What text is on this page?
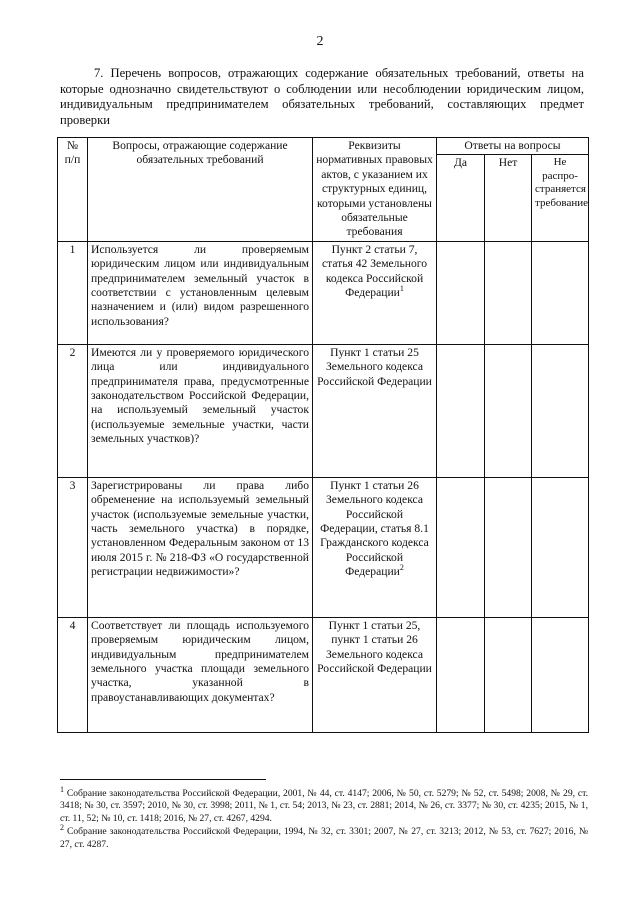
2

7. Перечень вопросов, отражающих содержание обязательных требований, ответы на которые однозначно свидетельствуют о соблюдении или несоблюдении юридическим лицом, индивидуальным предпринимателем обязательных требований, составляющих предмет проверки

№ п/п	Вопросы, отражающие содержание обязательных требований	Реквизиты нормативных правовых актов, с указанием их структурных единиц, которыми установлены обязательные требования	Ответы на вопросы		
			Да	Нет	Не распро-страняется требование
1	Используется ли проверяемым юридическим лицом или индивидуальным предпринимателем земельный участок в соответствии с установленным целевым назначением и (или) видом разрешенного использования?	Пункт 2 статьи 7, статья 42 Земельного кодекса Российской Федерации$^1$			
2	Имеются ли у проверяемого юридического лица или индивидуального предпринимателя права, предусмотренные законодательством Российской Федерации, на используемый земельный участок (используемые земельные участки, части земельных участков)?	Пункт 1 статьи 25 Земельного кодекса Российской Федерации			
3	Зарегистрированы ли права либо обременение на используемый земельный участок (используемые земельные участки, часть земельного участка) в порядке, установленном Федеральным законом от 13 июля 2015 г. № 218-ФЗ «О государственной регистрации недвижимости»?	Пункт 1 статьи 26 Земельного кодекса Российской Федерации, статья 8.1 Гражданского кодекса Российской Федерации$^2$			
4	Соответствует ли площадь используемого проверяемым юридическим лицом, индивидуальным предпринимателем земельного участка площади земельного участка, указанной в правоустанавливающих документах?	Пункт 1 статьи 25, пункт 1 статьи 26 Земельного кодекса Российской Федерации			

$^1$ Собрание законодательства Российской Федерации, 2001, № 44, ст. 4147; 2006, № 50, ст. 5279; № 52, ст. 5498; 2008, № 29, ст. 3418; № 30, ст. 3597; 2010, № 30, ст. 3998; 2011, № 1, ст. 54; 2013, № 23, ст. 2881; 2014, № 26, ст. 3377; № 30, ст. 4235; 2015, № 1, ст. 11, 52; № 10, ст. 1418; 2016, № 27, ст. 4267, 4294.

$^2$ Собрание законодательства Российской Федерации, 1994, № 32, ст. 3301; 2007, № 27, ст. 3213; 2012, № 53, ст. 7627; 2016, № 27, ст. 4287.
